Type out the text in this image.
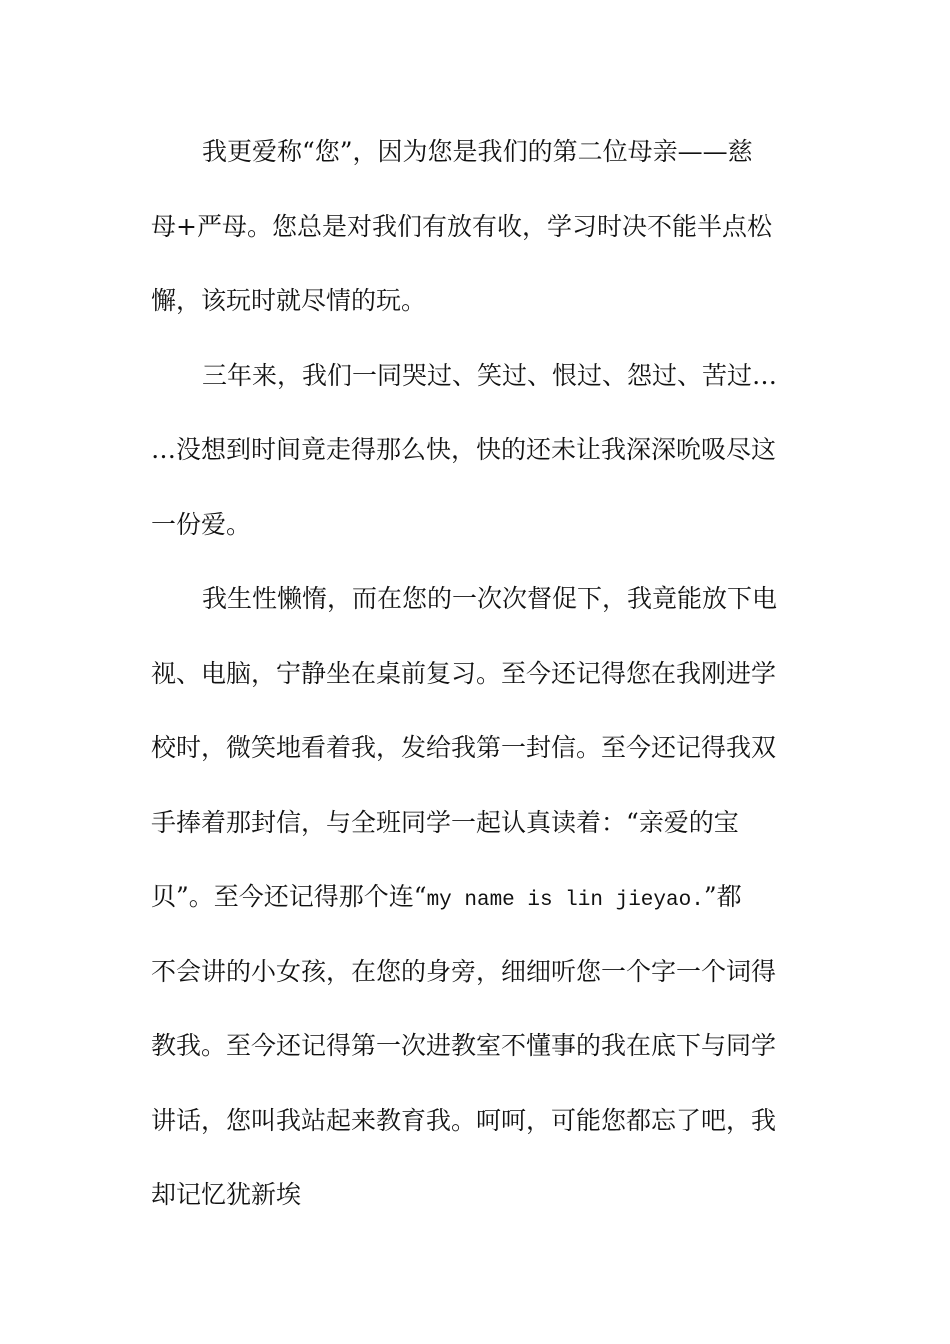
我更爱称“您”，因为您是我们的第二位母亲——慈
母+严母。您总是对我们有放有收，学习时决不能半点松
懈，该玩时就尽情的玩。
三年来，我们一同哭过、笑过、恨过、怨过、苦过…
…没想到时间竟走得那么快，快的还未让我深深吮吸尽这
一份爱。
我生性懒惰，而在您的一次次督促下，我竟能放下电
视、电脑，宁静坐在桌前复习。至今还记得您在我刚进学
校时，微笑地看着我，发给我第一封信。至今还记得我双
手捧着那封信，与全班同学一起认真读着：“亲爱的宝
贝”。至今还记得那个连“my name is lin jieyao.”都
不会讲的小女孩，在您的身旁，细细听您一个字一个词得
教我。至今还记得第一次进教室不懂事的我在底下与同学
讲话，您叫我站起来教育我。呵呵，可能您都忘了吧，我
却记忆犹新埃
